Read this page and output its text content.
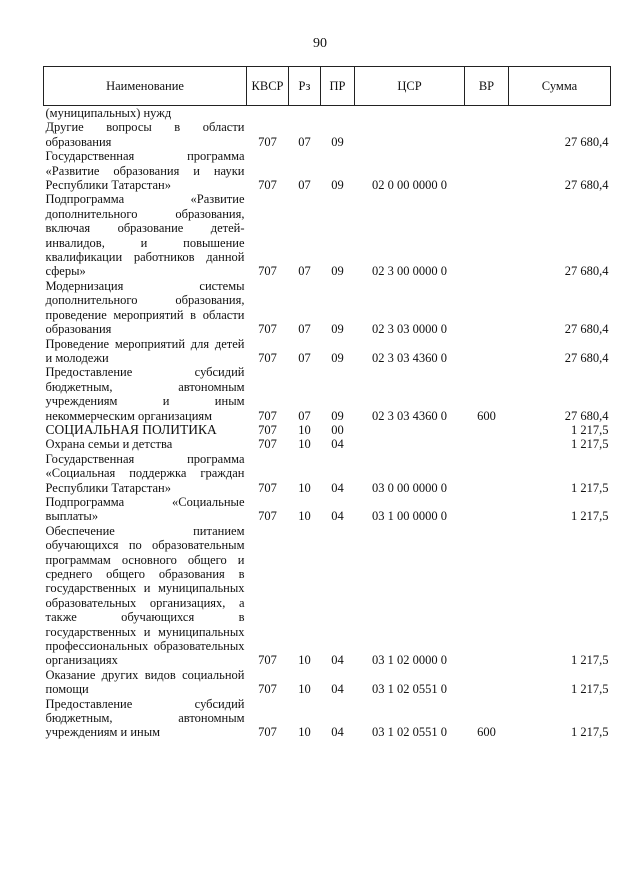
90
Наименование	КВСР	Рз	ПР	ЦСР	ВР	Сумма
(муниципальных) нужд						
Другие вопросы в области образования	707	07	09			27 680,4
Государственная программа «Развитие образования и науки Республики Татарстан»	707	07	09	02 0 00 0000 0		27 680,4
Подпрограмма «Развитие дополнительного образования, включая образование детей-инвалидов, и повышение квалификации работников данной сферы»	707	07	09	02 3 00 0000 0		27 680,4
Модернизация системы дополнительного образования, проведение мероприятий в области образования	707	07	09	02 3 03 0000 0		27 680,4
Проведение мероприятий для детей и молодежи	707	07	09	02 3 03 4360 0		27 680,4
Предоставление субсидий бюджетным, автономным учреждениям и иным некоммерческим организациям	707	07	09	02 3 03 4360 0	600	27 680,4
СОЦИАЛЬНАЯ ПОЛИТИКА	707	10	00			1 217,5
Охрана семьи и детства	707	10	04			1 217,5
Государственная программа «Социальная поддержка граждан Республики Татарстан»	707	10	04	03 0 00 0000 0		1 217,5
Подпрограмма «Социальные выплаты»	707	10	04	03 1 00 0000 0		1 217,5
Обеспечение питанием обучающихся по образовательным программам основного общего и среднего общего образования в государственных и муниципальных образовательных организациях, а также обучающихся в государственных и муниципальных профессиональных образовательных организациях	707	10	04	03 1 02 0000 0		1 217,5
Оказание других видов социальной помощи	707	10	04	03 1 02 0551 0		1 217,5
Предоставление субсидий бюджетным, автономным учреждениям и иным	707	10	04	03 1 02 0551 0	600	1 217,5
